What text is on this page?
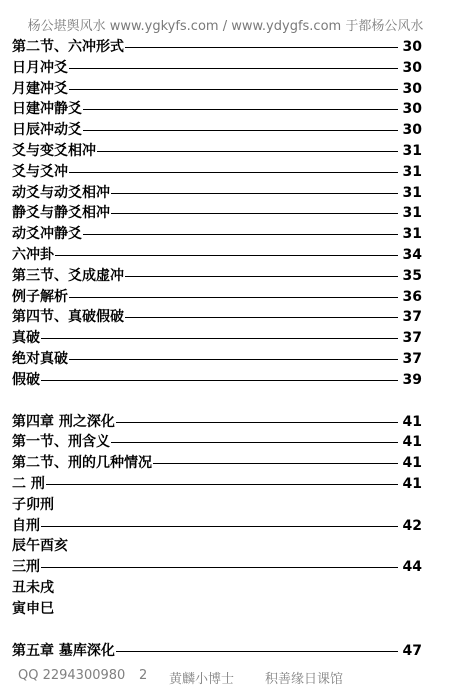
杨公堪舆风水 www.ygkyfs.com / www.ydygfs.com 于都杨公风水
第二节、六冲形式	30
日月冲爻	30
月建冲爻	30
日建冲静爻	30
日辰冲动爻	30
爻与变爻相冲	31
爻与爻冲	31
动爻与动爻相冲	31
静爻与静爻相冲	31
动爻冲静爻	31
六冲卦	34
第三节、爻成虚冲	35
例子解析	36
第四节、真破假破	37
真破	37
绝对真破	37
假破	39
第四章 刑之深化	41
第一节、刑含义	41
第二节、刑的几种情况	41
二 刑	41
子卯刑
自刑	42
辰午酉亥
三刑	44
丑未戌
寅申巳
第五章 墓库深化	47
QQ 2294300980 2 黄麟小博士 积善缘日课馆
